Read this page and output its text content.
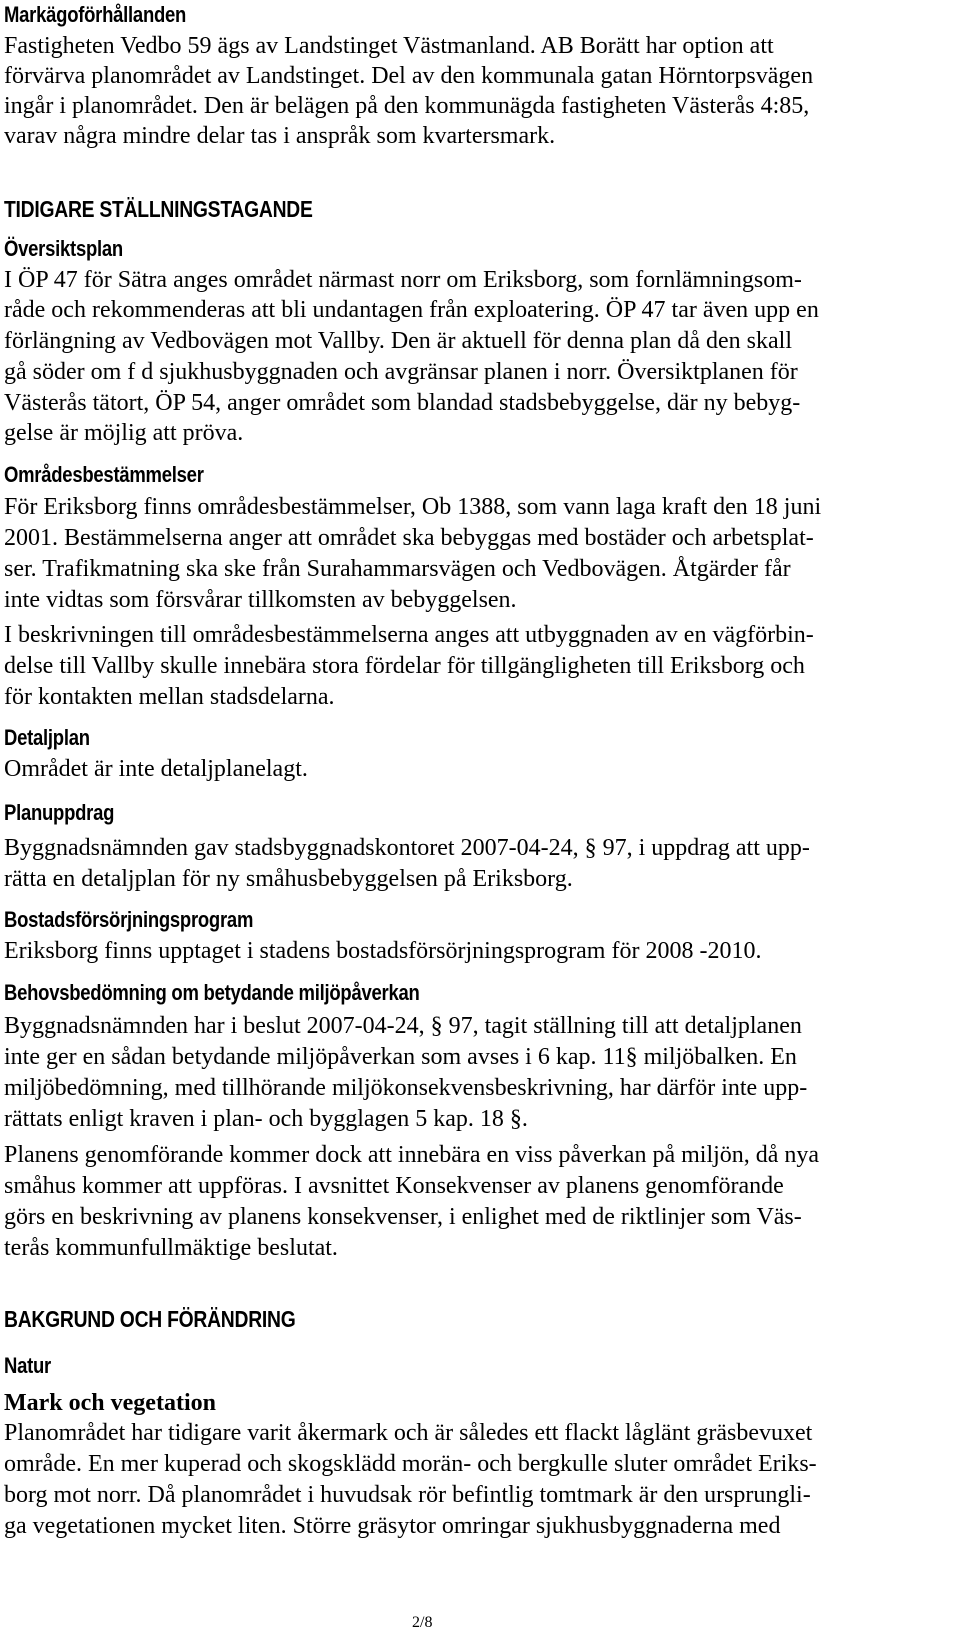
Markägoförhållanden

Fastigheten Vedbo 59 ägs av Landstinget Västmanland. AB Borätt har option att

förvärva planområdet av Landstinget. Del av den kommunala gatan Hörntorpsvägen

ingår i planområdet. Den är belägen på den kommunägda fastigheten Västerås 4:85,

varav några mindre delar tas i anspråk som kvartersmark.

TIDIGARE STÄLLNINGSTAGANDE
Översiktsplan

I ÖP 47 för Sätra anges området närmast norr om Eriksborg, som fornlämningsom-

råde och rekommenderas att bli undantagen från exploatering. ÖP 47 tar även upp en

förlängning av Vedbovägen mot Vallby. Den är aktuell för denna plan då den skall

gå söder om f d sjukhusbyggnaden och avgränsar planen i norr. Översiktplanen för

Västerås tätort, ÖP 54, anger området som blandad stadsbebyggelse, där ny bebyg-

gelse är möjlig att pröva.

Områdesbestämmelser

För Eriksborg finns områdesbestämmelser, Ob 1388, som vann laga kraft den 18 juni

2001. Bestämmelserna anger att området ska bebyggas med bostäder och arbetsplat-

ser. Trafikmatning ska ske från Surahammarsvägen och Vedbovägen. Åtgärder får

inte vidtas som försvårar tillkomsten av bebyggelsen.

I beskrivningen till områdesbestämmelserna anges att utbyggnaden av en vägförbin-

delse till Vallby skulle innebära stora fördelar för tillgängligheten till Eriksborg och

för kontakten mellan stadsdelarna.

Detaljplan

Området är inte detaljplanelagt.

Planuppdrag

Byggnadsnämnden gav stadsbyggnadskontoret 2007-04-24, § 97, i uppdrag att upp-

rätta en detaljplan för ny småhusbebyggelsen på Eriksborg.

Bostadsförsörjningsprogram

Eriksborg finns upptaget i stadens bostadsförsörjningsprogram för 2008 -2010.

Behovsbedömning om betydande miljöpåverkan

Byggnadsnämnden har i beslut 2007-04-24, § 97, tagit ställning till att detaljplanen

inte ger en sådan betydande miljöpåverkan som avses i 6 kap. 11§ miljöbalken. En

miljöbedömning, med tillhörande miljökonsekvensbeskrivning, har därför inte upp-

rättats enligt kraven i plan- och bygglagen 5 kap. 18 §.

Planens genomförande kommer dock att innebära en viss påverkan på miljön, då nya

småhus kommer att uppföras. I avsnittet Konsekvenser av planens genomförande

görs en beskrivning av planens konsekvenser, i enlighet med de riktlinjer som Väs-

terås kommunfullmäktige beslutat.

BAKGRUND OCH FÖRÄNDRING
Natur
Mark och vegetation

Planområdet har tidigare varit åkermark och är således ett flackt låglänt gräsbevuxet

område. En mer kuperad och skogsklädd morän- och bergkulle sluter området Eriks-

borg mot norr. Då planområdet i huvudsak rör befintlig tomtmark är den ursprungli-

ga vegetationen mycket liten. Större gräsytor omringar sjukhusbyggnaderna med

2/8
